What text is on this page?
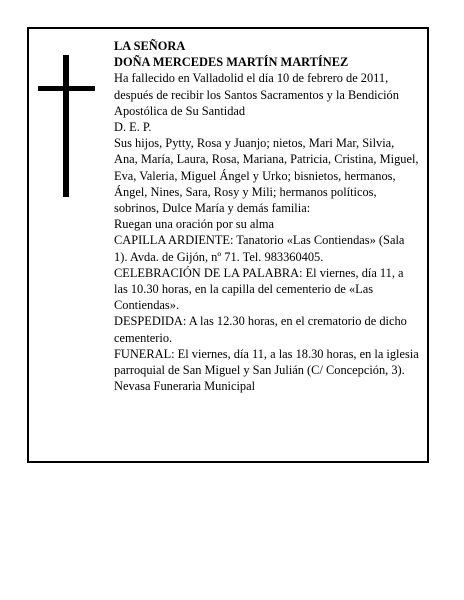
LA SEÑORA

DOÑA MERCEDES MARTÍN MARTÍNEZ

Ha fallecido en Valladolid el día 10 de febrero de 2011, después de recibir los Santos Sacramentos y la Bendición Apostólica de Su Santidad

D. E. P.

Sus hijos, Pytty, Rosa y Juanjo; nietos, Mari Mar, Silvia, Ana, María, Laura, Rosa, Mariana, Patricia, Cristina, Miguel, Eva, Valeria, Miguel Ángel y Urko; bisnietos, hermanos, Ángel, Nines, Sara, Rosy y Mili; hermanos políticos, sobrinos, Dulce María y demás familia:

Ruegan una oración por su alma

CAPILLA ARDIENTE: Tanatorio «Las Contiendas» (Sala 1). Avda. de Gijón, nº 71. Tel. 983360405.

CELEBRACIÓN DE LA PALABRA: El viernes, día 11, a las 10.30 horas, en la capilla del cementerio de «Las Contiendas».

DESPEDIDA: A las 12.30 horas, en el crematorio de dicho cementerio.

FUNERAL: El viernes, día 11, a las 18.30 horas, en la iglesia parroquial de San Miguel y San Julián (C/ Concepción, 3).

Nevasa Funeraria Municipal
